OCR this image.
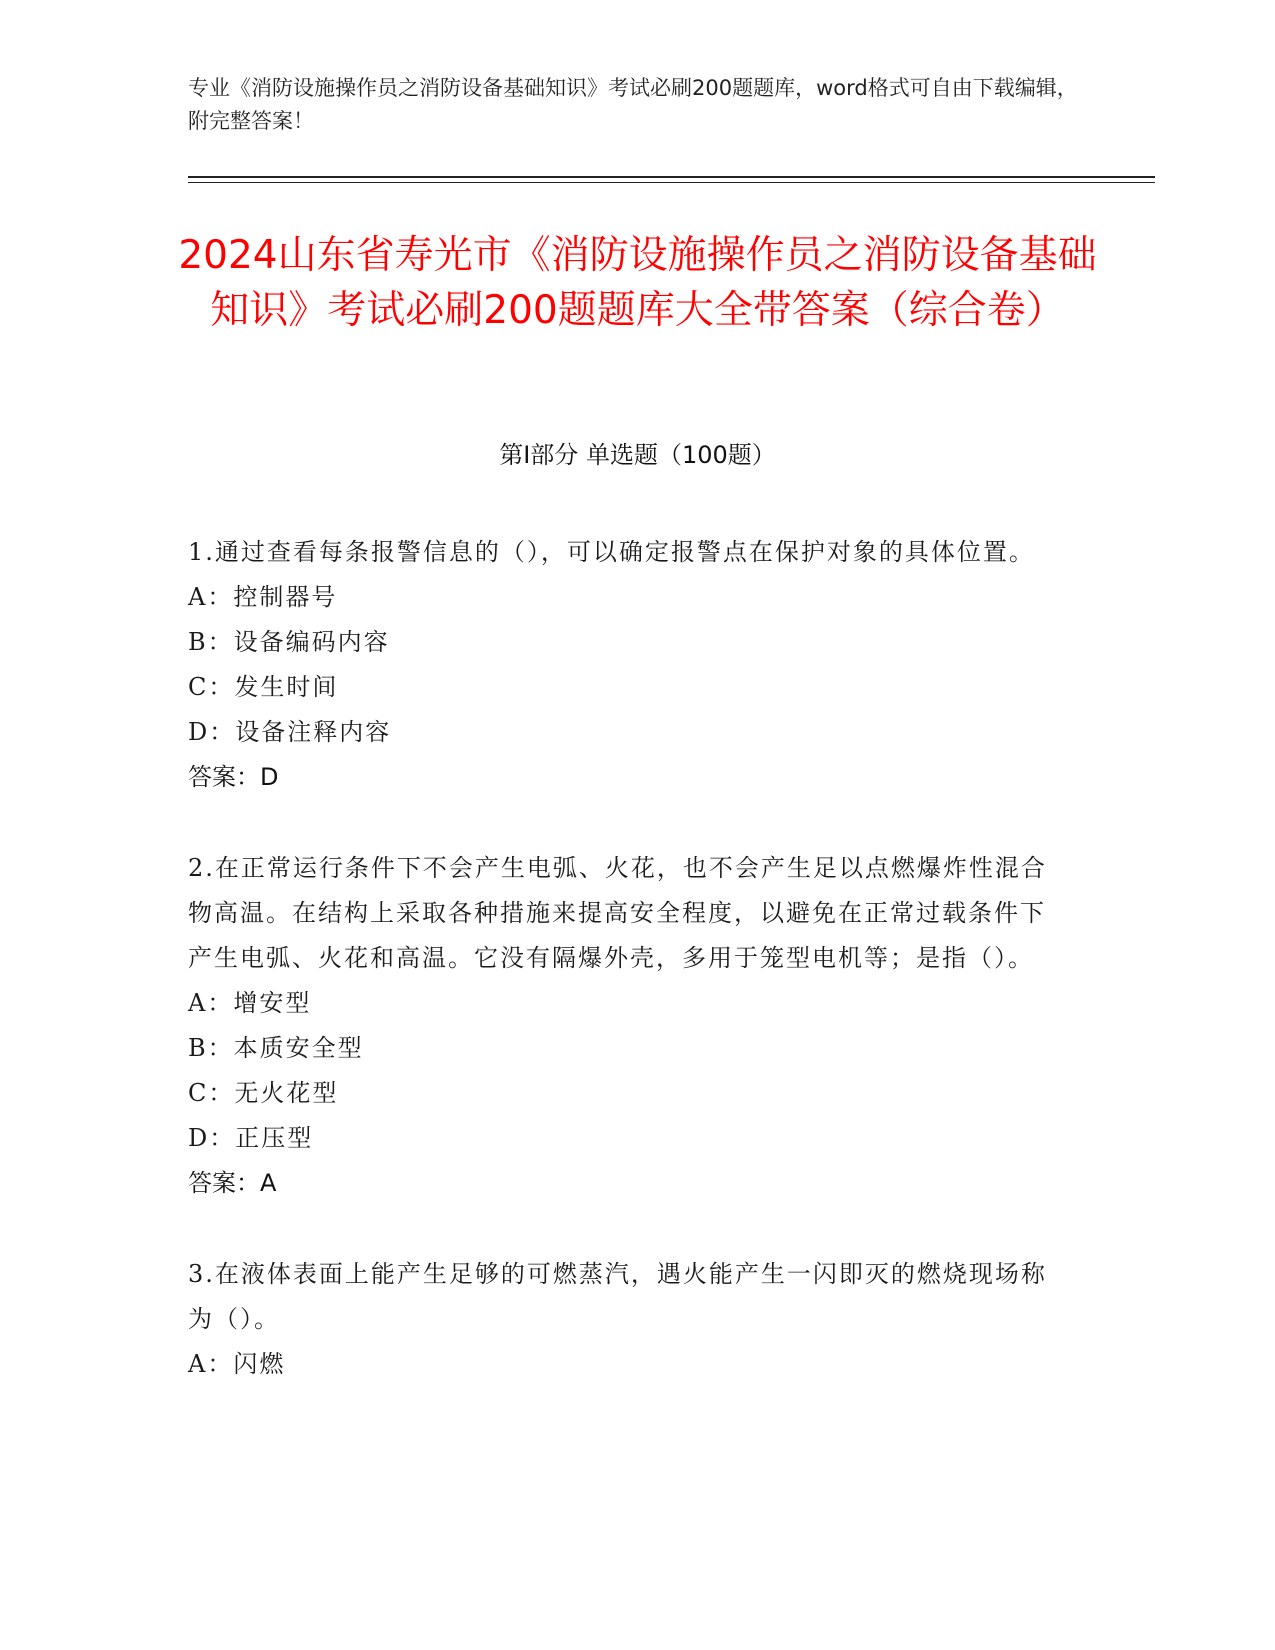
专业《消防设施操作员之消防设备基础知识》考试必刷200题题库，word格式可自由下载编辑，附完整答案！
2024山东省寿光市《消防设施操作员之消防设备基础知识》考试必刷200题题库大全带答案（综合卷）
第Ⅰ部分 单选题（100题）
1.通过查看每条报警信息的（），可以确定报警点在保护对象的具体位置。
A：控制器号
B：设备编码内容
C：发生时间
D：设备注释内容
答案：D
2.在正常运行条件下不会产生电弧、火花，也不会产生足以点燃爆炸性混合物高温。在结构上采取各种措施来提高安全程度，以避免在正常过载条件下产生电弧、火花和高温。它没有隔爆外壳，多用于笼型电机等；是指（）。
A：增安型
B：本质安全型
C：无火花型
D：正压型
答案：A
3.在液体表面上能产生足够的可燃蒸汽，遇火能产生一闪即灭的燃烧现场称为（）。
A：闪燃
